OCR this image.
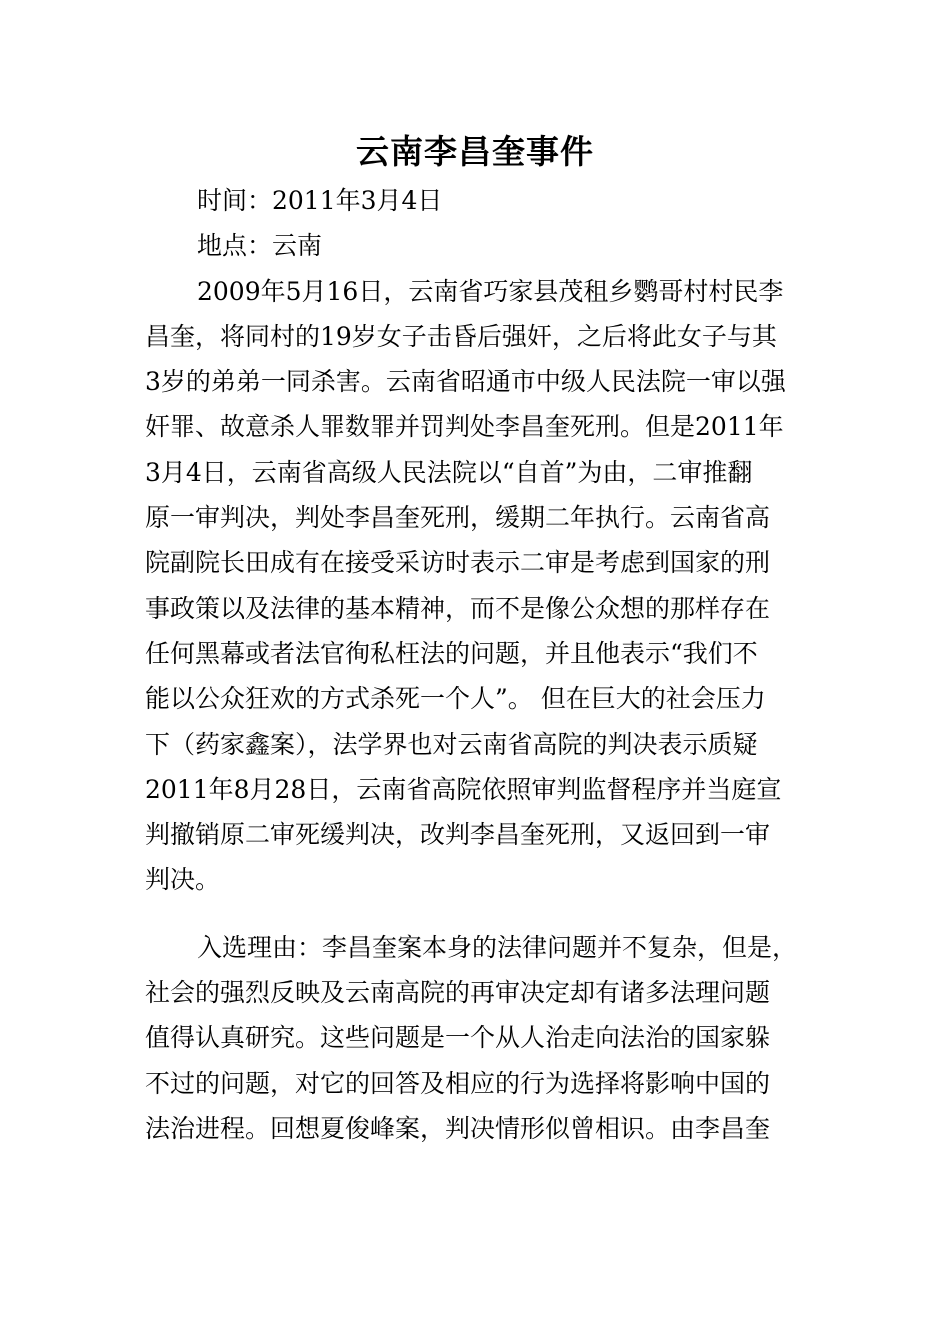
云南李昌奎事件
时间：2011年3月4日
地点：云南
2009年5月16日，云南省巧家县茂租乡鹦哥村村民李
昌奎，将同村的19岁女子击昏后强奸，之后将此女子与其
3岁的弟弟一同杀害。云南省昭通市中级人民法院一审以强
奸罪、故意杀人罪数罪并罚判处李昌奎死刑。但是2011年
3月4日，云南省高级人民法院以“自首”为由，二审推翻
原一审判决，判处李昌奎死刑，缓期二年执行。云南省高
院副院长田成有在接受采访时表示二审是考虑到国家的刑
事政策以及法律的基本精神，而不是像公众想的那样存在
任何黑幕或者法官徇私枉法的问题，并且他表示“我们不
能以公众狂欢的方式杀死一个人”。 但在巨大的社会压力
下（药家鑫案），法学界也对云南省高院的判决表示质疑
2011年8月28日，云南省高院依照审判监督程序并当庭宣
判撤销原二审死缓判决，改判李昌奎死刑，又返回到一审
判决。
入选理由：李昌奎案本身的法律问题并不复杂，但是，
社会的强烈反映及云南高院的再审决定却有诸多法理问题
值得认真研究。这些问题是一个从人治走向法治的国家躲
不过的问题，对它的回答及相应的行为选择将影响中国的
法治进程。回想夏俊峰案，判决情形似曾相识。由李昌奎
